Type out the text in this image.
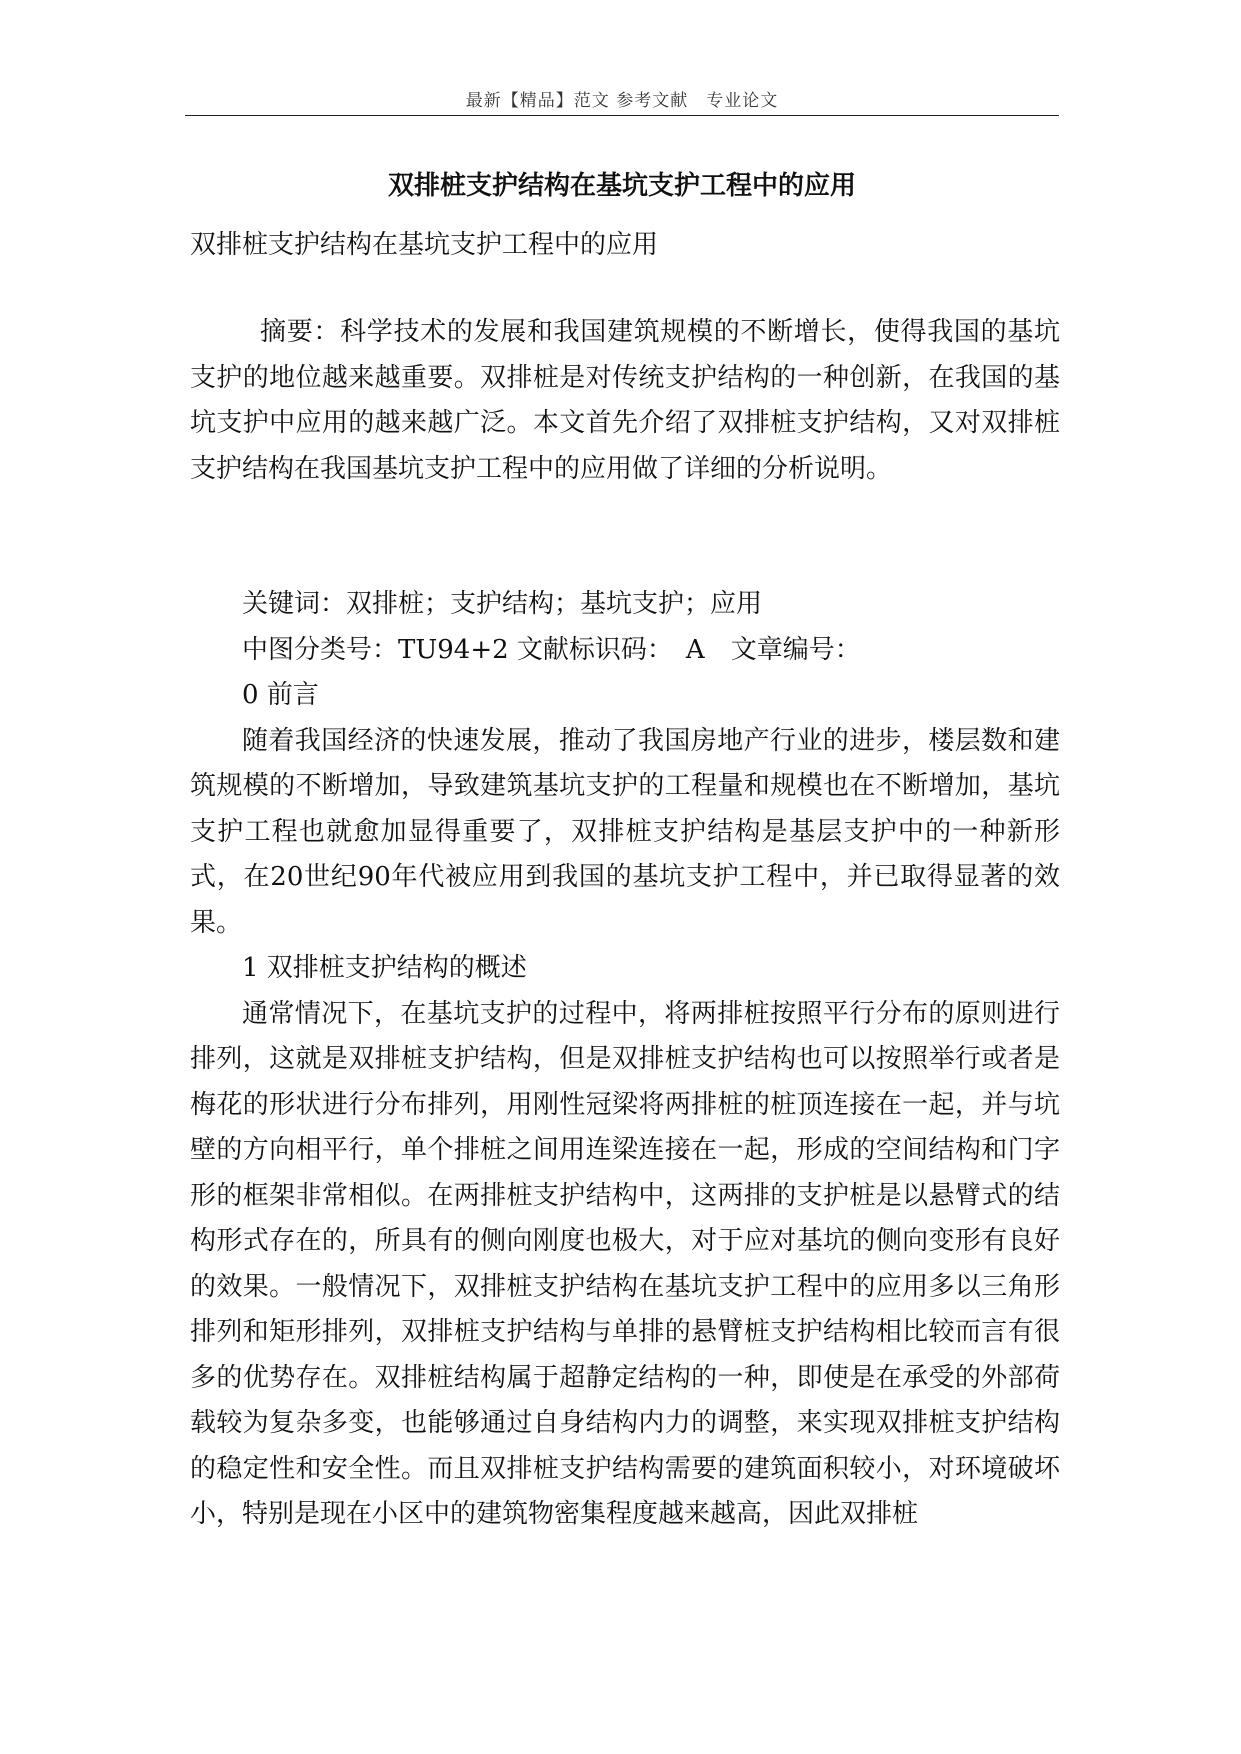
最新【精品】范文 参考文献　专业论文
双排桩支护结构在基坑支护工程中的应用
双排桩支护结构在基坑支护工程中的应用

摘要：科学技术的发展和我国建筑规模的不断增长，使得我国的基坑支护的地位越来越重要。双排桩是对传统支护结构的一种创新，在我国的基坑支护中应用的越来越广泛。本文首先介绍了双排桩支护结构，又对双排桩支护结构在我国基坑支护工程中的应用做了详细的分析说明。

关键词：双排桩；支护结构；基坑支护；应用

中图分类号：TU94+2 文献标识码：　A　文章编号：

0 前言

随着我国经济的快速发展，推动了我国房地产行业的进步，楼层数和建筑规模的不断增加，导致建筑基坑支护的工程量和规模也在不断增加，基坑支护工程也就愈加显得重要了，双排桩支护结构是基层支护中的一种新形式，在20世纪90年代被应用到我国的基坑支护工程中，并已取得显著的效果。

1 双排桩支护结构的概述

通常情况下，在基坑支护的过程中，将两排桩按照平行分布的原则进行排列，这就是双排桩支护结构，但是双排桩支护结构也可以按照举行或者是梅花的形状进行分布排列，用刚性冠梁将两排桩的桩顶连接在一起，并与坑壁的方向相平行，单个排桩之间用连梁连接在一起，形成的空间结构和门字形的框架非常相似。在两排桩支护结构中，这两排的支护桩是以悬臂式的结构形式存在的，所具有的侧向刚度也极大，对于应对基坑的侧向变形有良好的效果。一般情况下，双排桩支护结构在基坑支护工程中的应用多以三角形排列和矩形排列，双排桩支护结构与单排的悬臂桩支护结构相比较而言有很多的优势存在。双排桩结构属于超静定结构的一种，即使是在承受的外部荷载较为复杂多变，也能够通过自身结构内力的调整，来实现双排桩支护结构的稳定性和安全性。而且双排桩支护结构需要的建筑面积较小，对环境破坏小，特别是现在小区中的建筑物密集程度越来越高，因此双排桩
